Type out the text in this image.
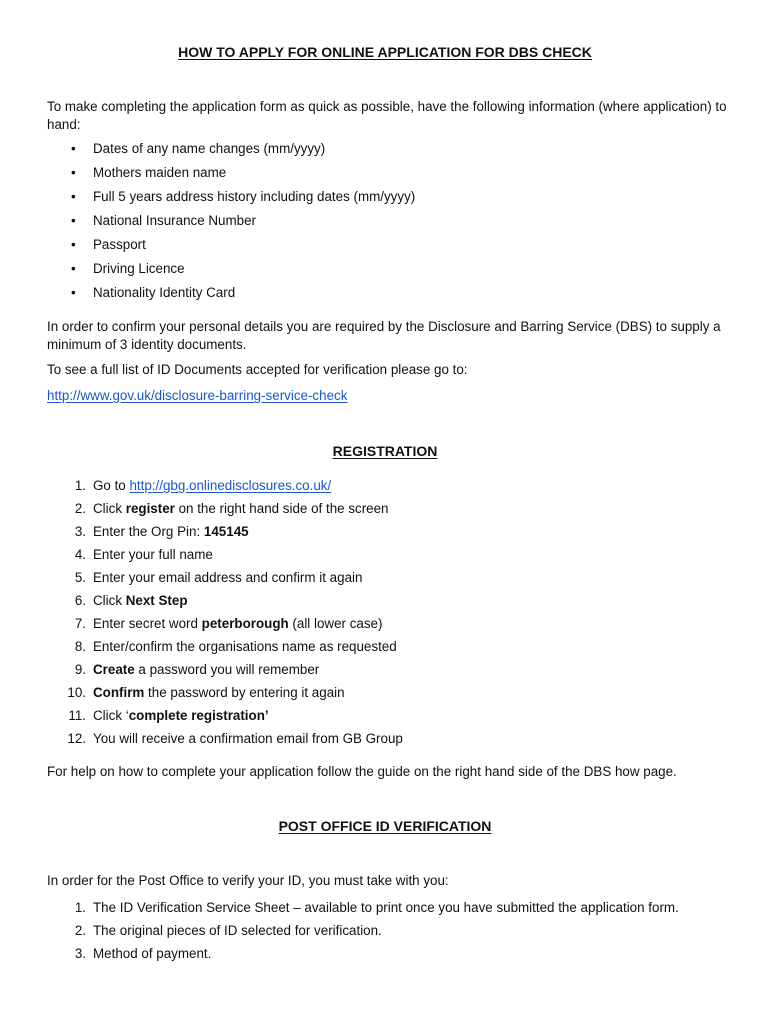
HOW TO APPLY FOR ONLINE APPLICATION FOR DBS CHECK

To make completing the application form as quick as possible, have the following information (where application) to hand:

• Dates of any name changes (mm/yyyy)
• Mothers maiden name
• Full 5 years address history including dates (mm/yyyy)
• National Insurance Number
• Passport
• Driving Licence
• Nationality Identity Card

In order to confirm your personal details you are required by the Disclosure and Barring Service (DBS) to supply a minimum of 3 identity documents.

To see a full list of ID Documents accepted for verification please go to:

http://www.gov.uk/disclosure-barring-service-check

REGISTRATION
1. Go to http://gbg.onlinedisclosures.co.uk/
2. Click register on the right hand side of the screen
3. Enter the Org Pin: 145145
4. Enter your full name
5. Enter your email address and confirm it again
6. Click Next Step
7. Enter secret word peterborough (all lower case)
8. Enter/confirm the organisations name as requested
9. Create a password you will remember
10. Confirm the password by entering it again
11. Click ‘complete registration’
12. You will receive a confirmation email from GB Group

For help on how to complete your application follow the guide on the right hand side of the DBS how page.

POST OFFICE ID VERIFICATION

In order for the Post Office to verify your ID, you must take with you:

1. The ID Verification Service Sheet – available to print once you have submitted the application form.
2. The original pieces of ID selected for verification.
3. Method of payment.
